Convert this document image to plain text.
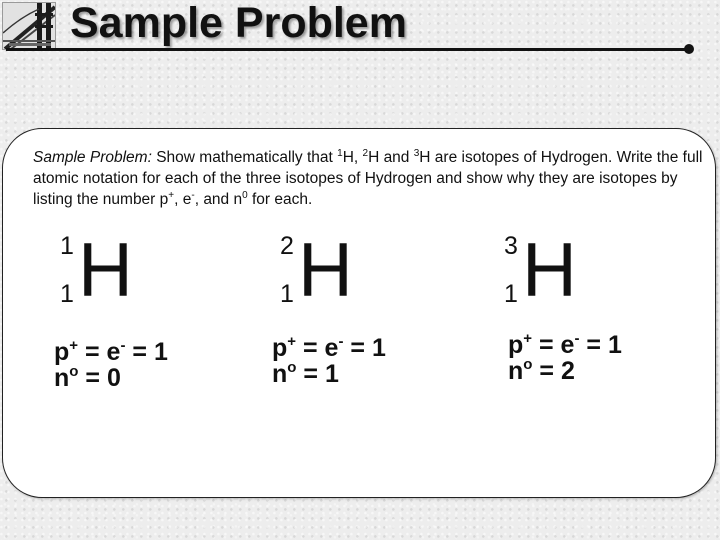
Sample Problem
Sample Problem: Show mathematically that $^1$H, $^2$H and $^3$H are isotopes of Hydrogen. Write the full atomic notation for each of the three isotopes of Hydrogen and show why they are isotopes by listing the number p+, e-, and $n^0$ for each.
1
1 H
p+ = e- = 1
$n^o = 0$
2
1 H
p+ = e- = 1
$n^o = 1$
3
1 H
p+ = e- = 1
$n^o = 2$
